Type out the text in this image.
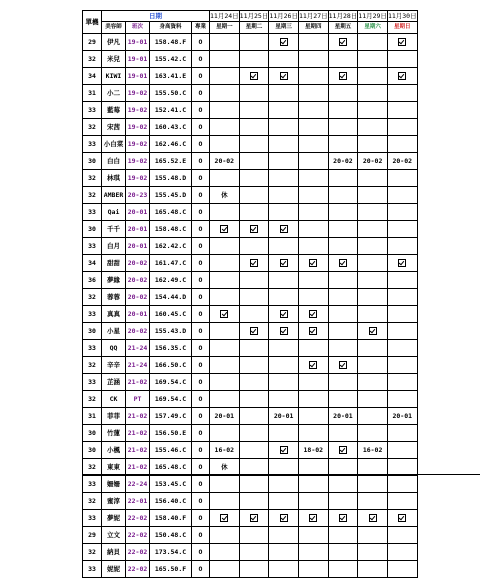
單機	日期				11月24日	11月25日	11月26日	11月27日	11月28日	11月29日	11月30日
	美容師	班次	身高資料	專業	星期一	星期二	星期三	星期四	星期五	星期六	星期日
29	伊凡	19-01	158.48.F	O							
32	米兒	19-01	155.42.C	O							
34	KIWI	19-01	163.41.E	O							
31	小二	19-02	155.50.C	O							
33	藍莓	19-02	152.41.C	O							
32	宋茜	19-02	160.43.C	O							
33	小白菜	19-02	162.46.C	O							
30	白白	19-02	165.52.E	O	20-02				20-02	20-02	20-02
32	林琪	19-02	155.48.D	O							
32	AMBER	20-23	155.45.D	O	休						
33	Qai	20-01	165.48.C	O							
30	千千	20-01	158.48.C	O							
33	白月	20-01	162.42.C	O							
34	甜甜	20-02	161.47.C	O							
36	夢緣	20-02	162.49.C	O							
32	蓉蓉	20-02	154.44.D	O							
33	真真	20-01	160.45.C	O							
30	小星	20-02	155.43.D	O							
33	QQ	21-24	156.35.C	O							
32	辛辛	21-24	166.50.C	O							
33	芷涵	21-02	169.54.C	O							
32	CK	PT	169.54.C	O							
31	菲菲	21-02	157.49.C	O	20-01		20-01		20-01		20-01
30	竹蓮	21-02	156.50.E	O							
30	小楓	21-02	155.46.C	O	16-02			18-02		16-02	
32	東東	21-02	165.48.C	O	休						
33	姍姍	22-24	153.45.C	O							
32	蜜淳	22-01	156.40.C	O							
33	夢妮	22-02	158.40.F	O							
29	立文	22-02	150.48.C	O							
32	納貝	22-02	173.54.C	O							
33	妮妮	22-02	165.50.F	O							
